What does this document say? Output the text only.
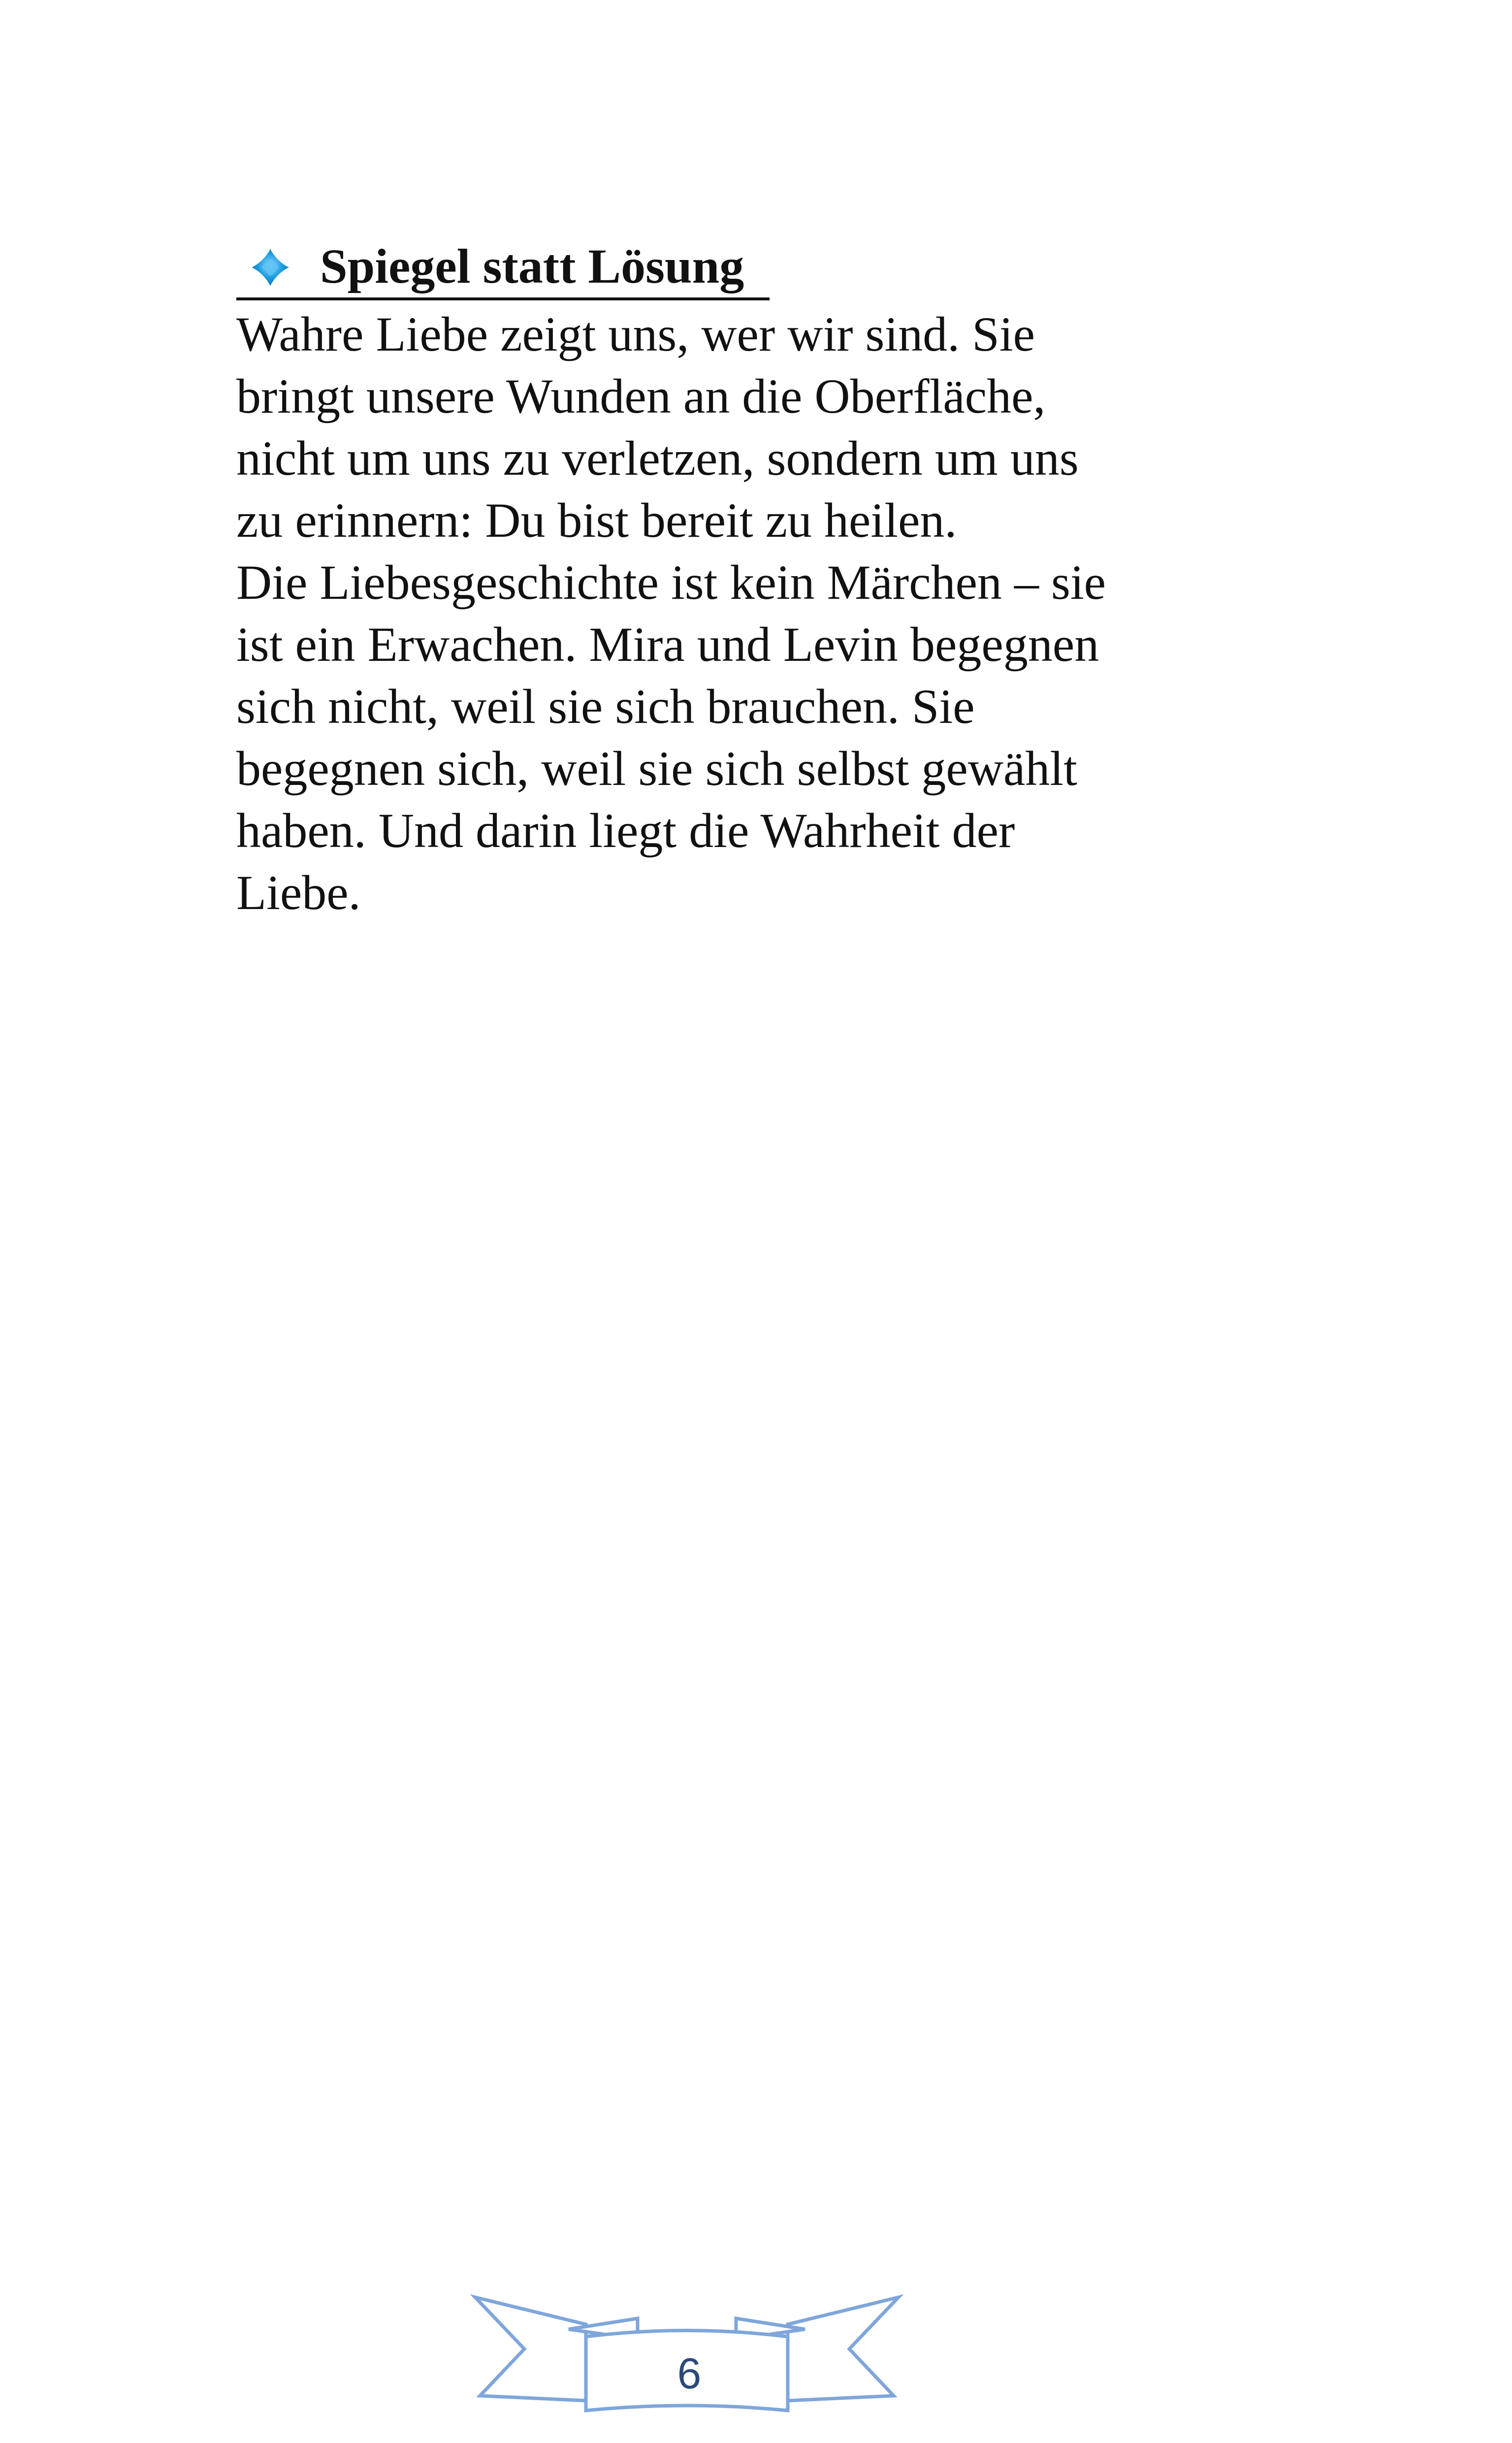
Spiegel statt Lösung

Wahre Liebe zeigt uns, wer wir sind. Sie
bringt unsere Wunden an die Oberfläche,
nicht um uns zu verletzen, sondern um uns
zu erinnern: Du bist bereit zu heilen.

Die Liebesgeschichte ist kein Märchen – sie
ist ein Erwachen. Mira und Levin begegnen
sich nicht, weil sie sich brauchen. Sie
begegnen sich, weil sie sich selbst gewählt
haben. Und darin liegt die Wahrheit der
Liebe.

6
